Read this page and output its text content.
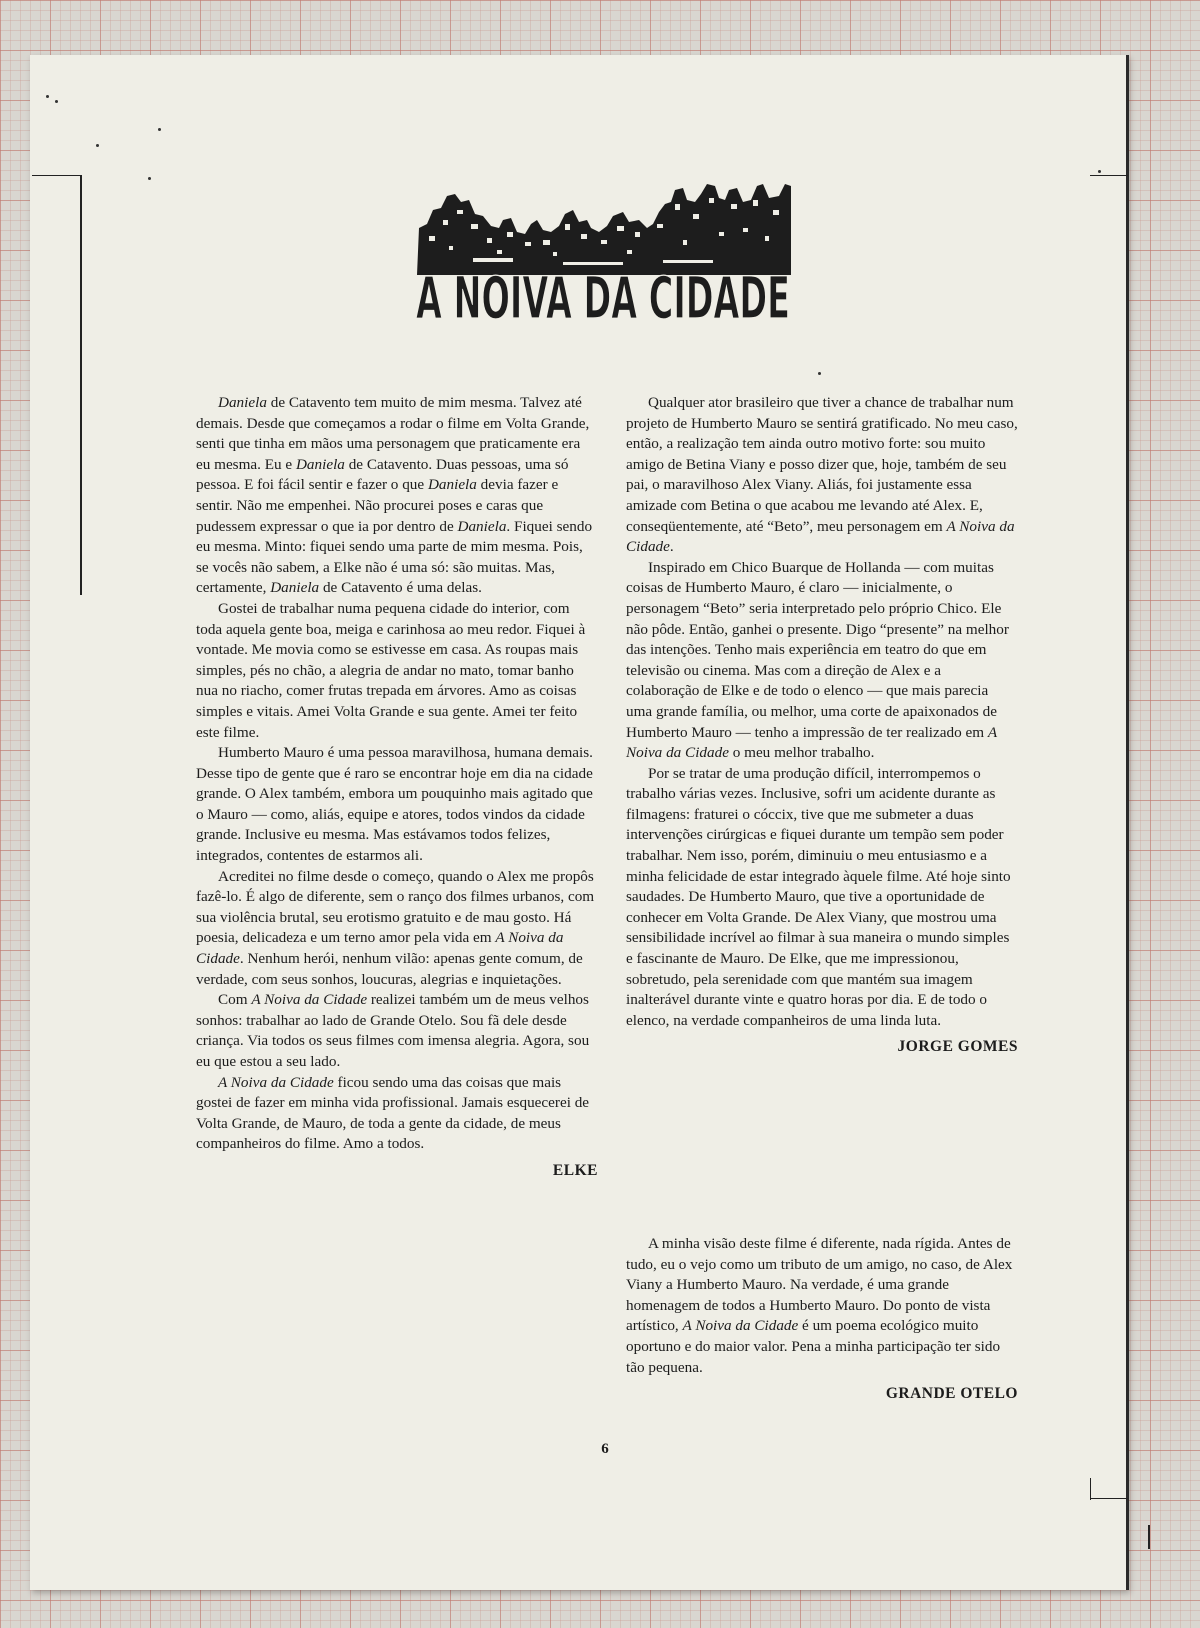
A NOIVA DA CIDADE

Daniela de Catavento tem muito de mim mesma. Talvez até demais. Desde que começamos a rodar o filme em Volta Grande, senti que tinha em mãos uma personagem que praticamente era eu mesma. Eu e Daniela de Catavento. Duas pessoas, uma só pessoa. E foi fácil sentir e fazer o que Daniela devia fazer e sentir. Não me empenhei. Não procurei poses e caras que pudessem expressar o que ia por dentro de Daniela. Fiquei sendo eu mesma. Minto: fiquei sendo uma parte de mim mesma. Pois, se vocês não sabem, a Elke não é uma só: são muitas. Mas, certamente, Daniela de Catavento é uma delas.

Gostei de trabalhar numa pequena cidade do interior, com toda aquela gente boa, meiga e carinhosa ao meu redor. Fiquei à vontade. Me movia como se estivesse em casa. As roupas mais simples, pés no chão, a alegria de andar no mato, tomar banho nua no riacho, comer frutas trepada em árvores. Amo as coisas simples e vitais. Amei Volta Grande e sua gente. Amei ter feito este filme.

Humberto Mauro é uma pessoa maravilhosa, humana demais. Desse tipo de gente que é raro se encontrar hoje em dia na cidade grande. O Alex também, embora um pouquinho mais agitado que o Mauro — como, aliás, equipe e atores, todos vindos da cidade grande. Inclusive eu mesma. Mas estávamos todos felizes, integrados, contentes de estarmos ali.

Acreditei no filme desde o começo, quando o Alex me propôs fazê-lo. É algo de diferente, sem o ranço dos filmes urbanos, com sua violência brutal, seu erotismo gratuito e de mau gosto. Há poesia, delicadeza e um terno amor pela vida em A Noiva da Cidade. Nenhum herói, nenhum vilão: apenas gente comum, de verdade, com seus sonhos, loucuras, alegrias e inquietações.

Com A Noiva da Cidade realizei também um de meus velhos sonhos: trabalhar ao lado de Grande Otelo. Sou fã dele desde criança. Via todos os seus filmes com imensa alegria. Agora, sou eu que estou a seu lado.

A Noiva da Cidade ficou sendo uma das coisas que mais gostei de fazer em minha vida profissional. Jamais esquecerei de Volta Grande, de Mauro, de toda a gente da cidade, de meus companheiros do filme. Amo a todos.

ELKE

Qualquer ator brasileiro que tiver a chance de trabalhar num projeto de Humberto Mauro se sentirá gratificado. No meu caso, então, a realização tem ainda outro motivo forte: sou muito amigo de Betina Viany e posso dizer que, hoje, também de seu pai, o maravilhoso Alex Viany. Aliás, foi justamente essa amizade com Betina o que acabou me levando até Alex. E, conseqüentemente, até “Beto”, meu personagem em A Noiva da Cidade.

Inspirado em Chico Buarque de Hollanda — com muitas coisas de Humberto Mauro, é claro — inicialmente, o personagem “Beto” seria interpretado pelo próprio Chico. Ele não pôde. Então, ganhei o presente. Digo “presente” na melhor das intenções. Tenho mais experiência em teatro do que em televisão ou cinema. Mas com a direção de Alex e a colaboração de Elke e de todo o elenco — que mais parecia uma grande família, ou melhor, uma corte de apaixonados de Humberto Mauro — tenho a impressão de ter realizado em A Noiva da Cidade o meu melhor trabalho.

Por se tratar de uma produção difícil, interrompemos o trabalho várias vezes. Inclusive, sofri um acidente durante as filmagens: fraturei o cóccix, tive que me submeter a duas intervenções cirúrgicas e fiquei durante um tempão sem poder trabalhar. Nem isso, porém, diminuiu o meu entusiasmo e a minha felicidade de estar integrado àquele filme. Até hoje sinto saudades. De Humberto Mauro, que tive a oportunidade de conhecer em Volta Grande. De Alex Viany, que mostrou uma sensibilidade incrível ao filmar à sua maneira o mundo simples e fascinante de Mauro. De Elke, que me impressionou, sobretudo, pela serenidade com que mantém sua imagem inalterável durante vinte e quatro horas por dia. E de todo o elenco, na verdade companheiros de uma linda luta.

JORGE GOMES

A minha visão deste filme é diferente, nada rígida. Antes de tudo, eu o vejo como um tributo de um amigo, no caso, de Alex Viany a Humberto Mauro. Na verdade, é uma grande homenagem de todos a Humberto Mauro. Do ponto de vista artístico, A Noiva da Cidade é um poema ecológico muito oportuno e do maior valor. Pena a minha participação ter sido tão pequena.

GRANDE OTELO
6
